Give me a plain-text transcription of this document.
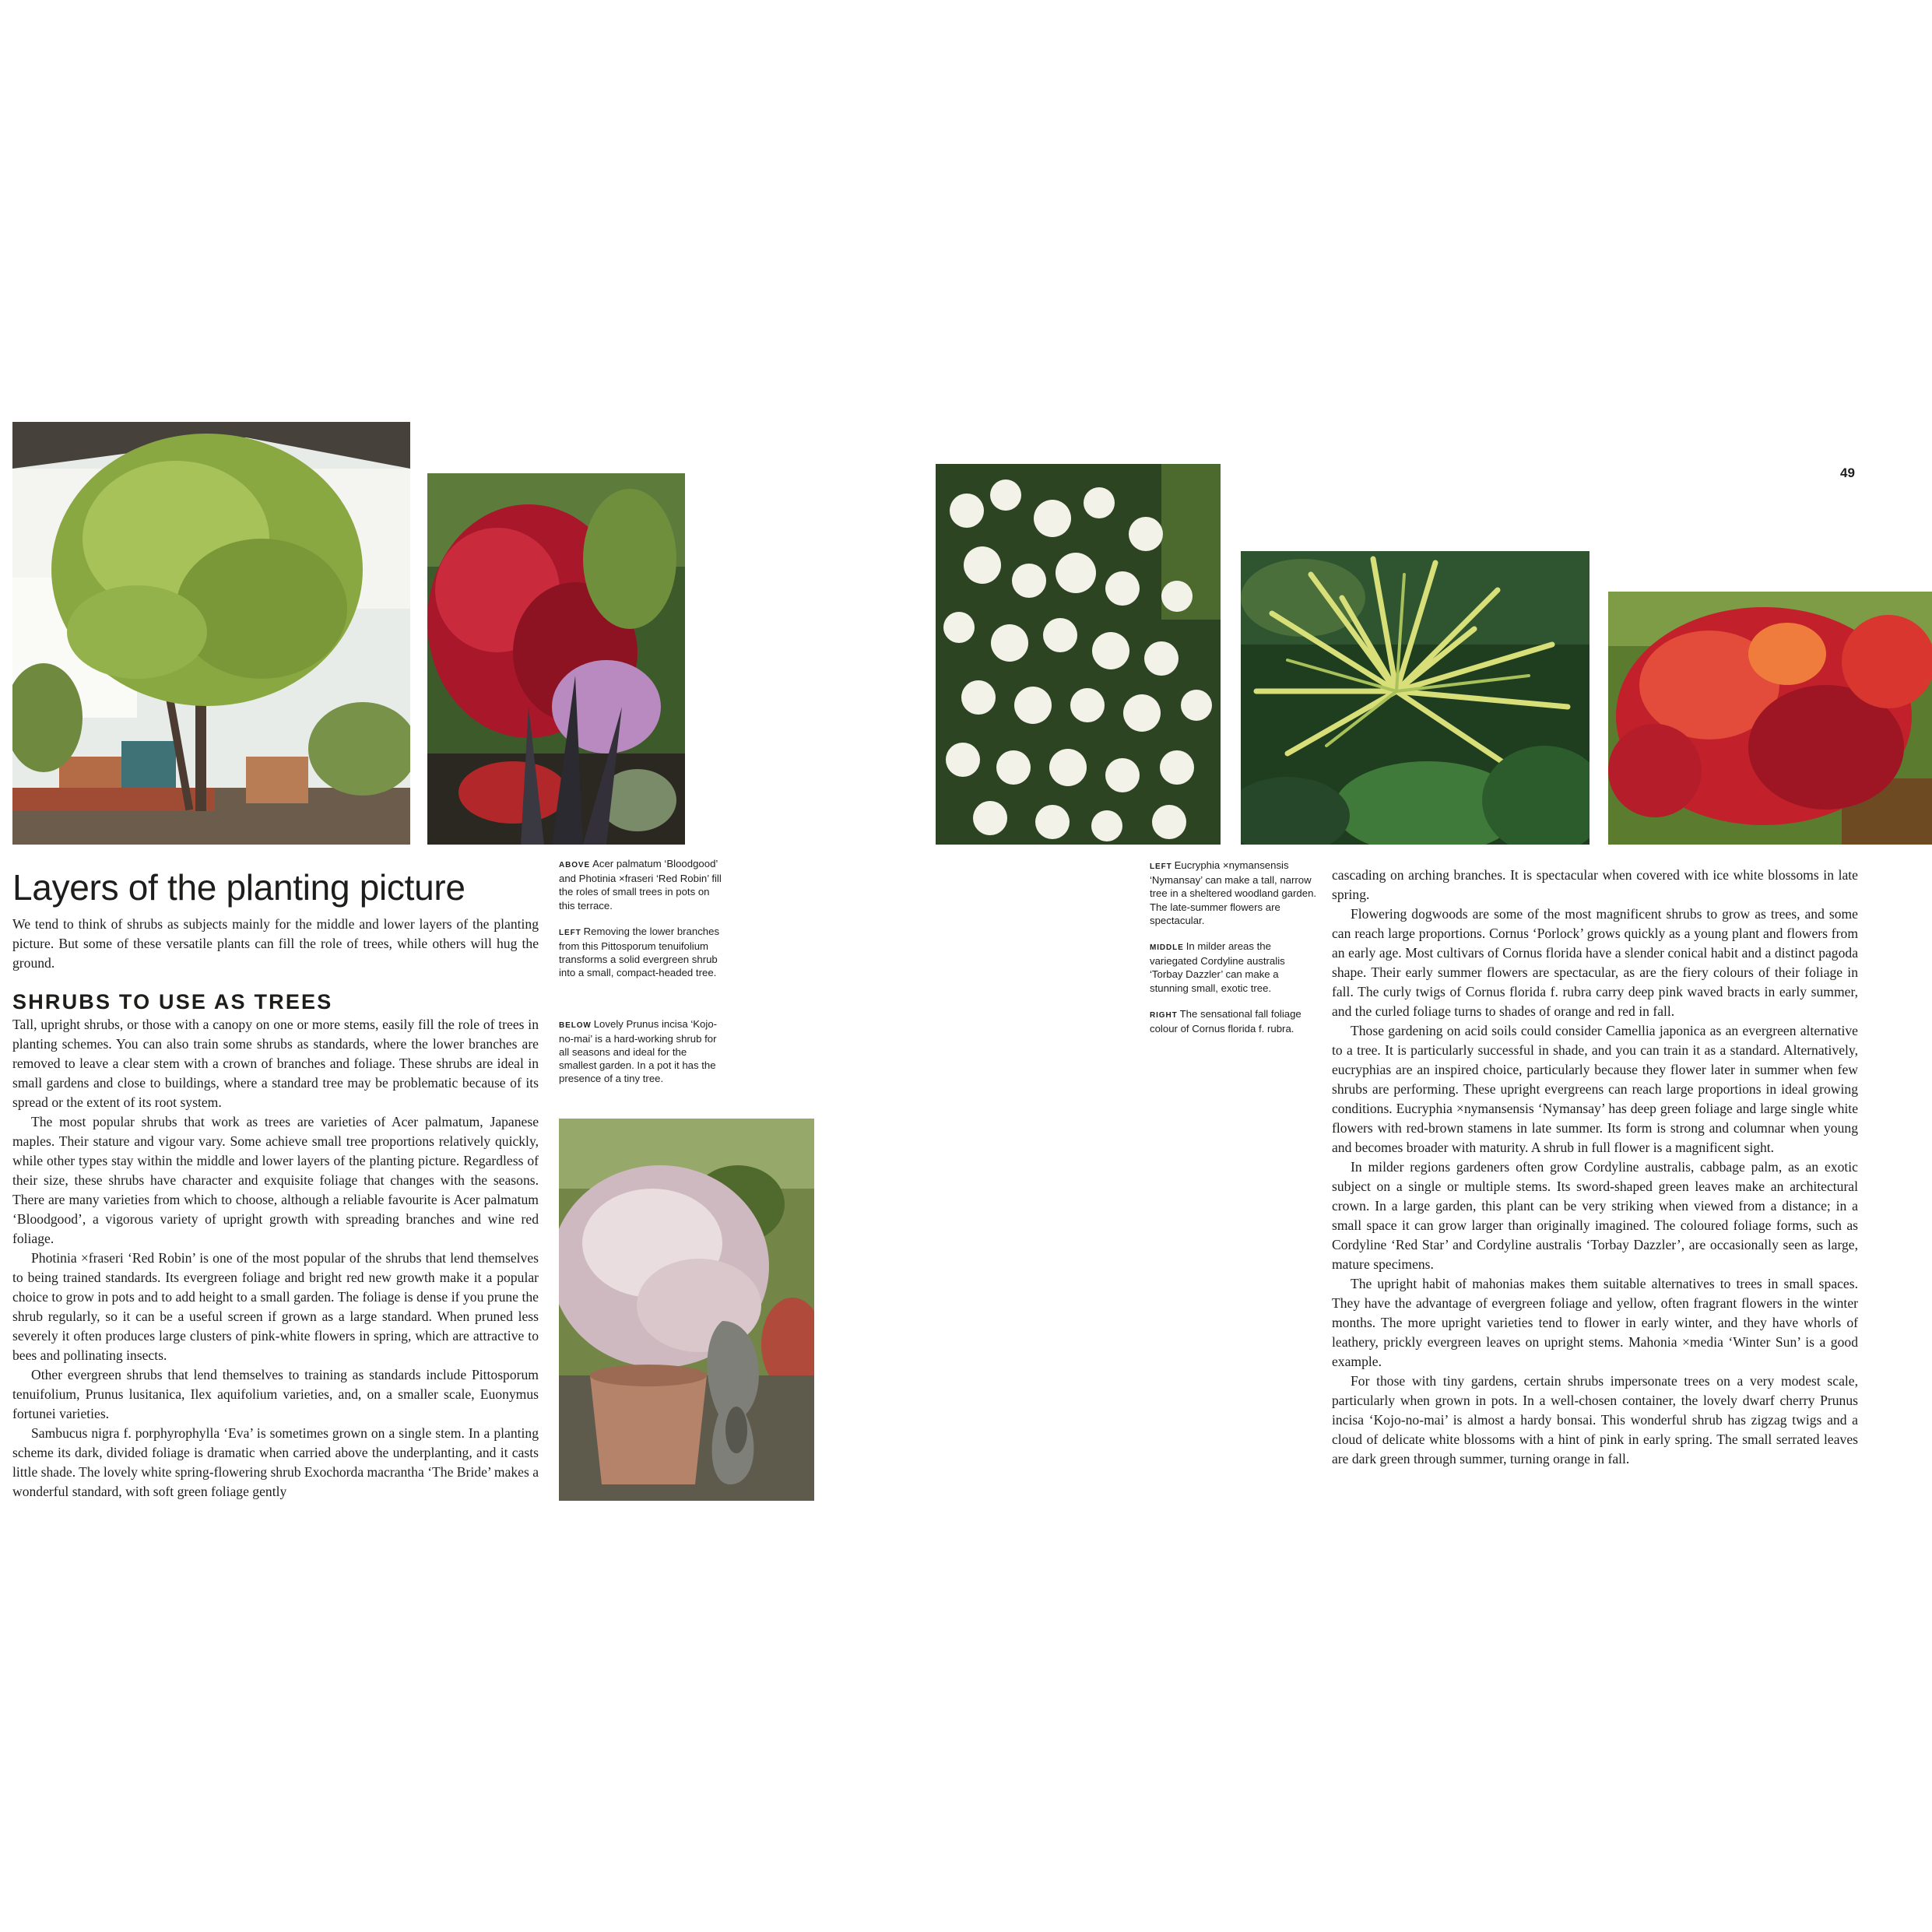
ABOVE Acer palmatum ‘Bloodgood’ and Photinia ×fraseri ‘Red Robin’ fill the roles of small trees in pots on this terrace.

LEFT Removing the lower branches from this Pittosporum tenuifolium transforms a solid evergreen shrub into a small, compact-headed tree.

BELOW Lovely Prunus incisa ‘Kojo-no-mai’ is a hard-working shrub for all seasons and ideal for the smallest garden. In a pot it has the presence of a tiny tree.

Layers of the planting picture

We tend to think of shrubs as subjects mainly for the middle and lower layers of the planting picture. But some of these versatile plants can fill the role of trees, while others will hug the ground.

SHRUBS TO USE AS TREES

Tall, upright shrubs, or those with a canopy on one or more stems, easily fill the role of trees in planting schemes. You can also train some shrubs as standards, where the lower branches are removed to leave a clear stem with a crown of branches and foliage. These shrubs are ideal in small gardens and close to buildings, where a standard tree may be problematic because of its spread or the extent of its root system.

The most popular shrubs that work as trees are varieties of Acer palmatum, Japanese maples. Their stature and vigour vary. Some achieve small tree proportions relatively quickly, while other types stay within the middle and lower layers of the planting picture. Regardless of their size, these shrubs have character and exquisite foliage that changes with the seasons. There are many varieties from which to choose, although a reliable favourite is Acer palmatum ‘Bloodgood’, a vigorous variety of upright growth with spreading branches and wine red foliage.

Photinia ×fraseri ‘Red Robin’ is one of the most popular of the shrubs that lend themselves to being trained standards. Its evergreen foliage and bright red new growth make it a popular choice to grow in pots and to add height to a small garden. The foliage is dense if you prune the shrub regularly, so it can be a useful screen if grown as a large standard. When pruned less severely it often produces large clusters of pink-white flowers in spring, which are attractive to bees and pollinating insects.

Other evergreen shrubs that lend themselves to training as standards include Pittosporum tenuifolium, Prunus lusitanica, Ilex aquifolium varieties, and, on a smaller scale, Euonymus fortunei varieties.

Sambucus nigra f. porphyrophylla ‘Eva’ is sometimes grown on a single stem. In a planting scheme its dark, divided foliage is dramatic when carried above the underplanting, and it casts little shade. The lovely white spring-flowering shrub Exochorda macrantha ‘The Bride’ makes a wonderful standard, with soft green foliage gently

49

LEFT Eucryphia ×nymansensis ‘Nymansay’ can make a tall, narrow tree in a sheltered woodland garden. The late-summer flowers are spectacular.

MIDDLE In milder areas the variegated Cordyline australis ‘Torbay Dazzler’ can make a stunning small, exotic tree.

RIGHT The sensational fall foliage colour of Cornus florida f. rubra.

cascading on arching branches. It is spectacular when covered with ice white blossoms in late spring.

Flowering dogwoods are some of the most magnificent shrubs to grow as trees, and some can reach large proportions. Cornus ‘Porlock’ grows quickly as a young plant and flowers from an early age. Most cultivars of Cornus florida have a slender conical habit and a distinct pagoda shape. Their early summer flowers are spectacular, as are the fiery colours of their foliage in fall. The curly twigs of Cornus florida f. rubra carry deep pink waved bracts in early summer, and the curled foliage turns to shades of orange and red in fall.

Those gardening on acid soils could consider Camellia japonica as an evergreen alternative to a tree. It is particularly successful in shade, and you can train it as a standard. Alternatively, eucryphias are an inspired choice, particularly because they flower later in summer when few shrubs are performing. These upright evergreens can reach large proportions in ideal growing conditions. Eucryphia ×nymansensis ‘Nymansay’ has deep green foliage and large single white flowers with red-brown stamens in late summer. Its form is strong and columnar when young and becomes broader with maturity. A shrub in full flower is a magnificent sight.

In milder regions gardeners often grow Cordyline australis, cabbage palm, as an exotic subject on a single or multiple stems. Its sword-shaped green leaves make an architectural crown. In a large garden, this plant can be very striking when viewed from a distance; in a small space it can grow larger than originally imagined. The coloured foliage forms, such as Cordyline ‘Red Star’ and Cordyline australis ‘Torbay Dazzler’, are occasionally seen as large, mature specimens.

The upright habit of mahonias makes them suitable alternatives to trees in small spaces. They have the advantage of evergreen foliage and yellow, often fragrant flowers in the winter months. The more upright varieties tend to flower in early winter, and they have whorls of leathery, prickly evergreen leaves on upright stems. Mahonia ×media ‘Winter Sun’ is a good example.

For those with tiny gardens, certain shrubs impersonate trees on a very modest scale, particularly when grown in pots. In a well-chosen container, the lovely dwarf cherry Prunus incisa ‘Kojo-no-mai’ is almost a hardy bonsai. This wonderful shrub has zigzag twigs and a cloud of delicate white blossoms with a hint of pink in early spring. The small serrated leaves are dark green through summer, turning orange in fall.
